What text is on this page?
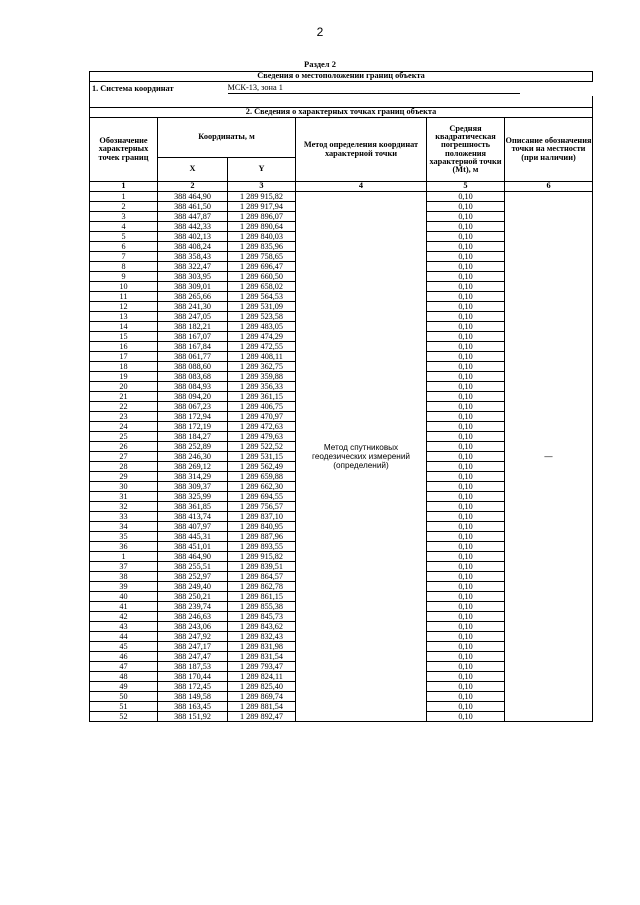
2
Раздел 2
Сведения о местоположении границ объекта					
1. Система координат		МСК-13, зона 1			

2. Сведения о характерных точках границ объекта					
Обозначение характерных точек границ	Координаты, м		Метод определения координат характерной точки	Средняя квадратическая погрешность положения характерной точки (Mt), м	Описание обозначения точки на местности (при наличии)
	X	Y			
1	2	3	4	5	6
1	388 464,90	1 289 915,82	Метод спутниковых геодезических измерений (определений)	0,10	—
2	388 461,50	1 289 917,94		0,10	
3	388 447,87	1 289 896,07		0,10	
4	388 442,33	1 289 890,64		0,10	
5	388 402,13	1 289 840,03		0,10	
6	388 408,24	1 289 835,96		0,10	
7	388 358,43	1 289 758,65		0,10	
8	388 322,47	1 289 696,47		0,10	
9	388 303,95	1 289 660,50		0,10	
10	388 309,01	1 289 658,02		0,10	
11	388 265,66	1 289 564,53		0,10	
12	388 241,30	1 289 531,09		0,10	
13	388 247,05	1 289 523,58		0,10	
14	388 182,21	1 289 483,05		0,10	
15	388 167,07	1 289 474,29		0,10	
16	388 167,84	1 289 472,55		0,10	
17	388 061,77	1 289 408,11		0,10	
18	388 088,60	1 289 362,75		0,10	
19	388 083,68	1 289 359,88		0,10	
20	388 084,93	1 289 356,33		0,10	
21	388 094,20	1 289 361,15		0,10	
22	388 067,23	1 289 406,75		0,10	
23	388 172,94	1 289 470,97		0,10	
24	388 172,19	1 289 472,63		0,10	
25	388 184,27	1 289 479,63		0,10	
26	388 252,89	1 289 522,52		0,10	
27	388 246,30	1 289 531,15		0,10	
28	388 269,12	1 289 562,49		0,10	
29	388 314,29	1 289 659,88		0,10	
30	388 309,37	1 289 662,30		0,10	
31	388 325,99	1 289 694,55		0,10	
32	388 361,85	1 289 756,57		0,10	
33	388 413,74	1 289 837,10		0,10	
34	388 407,97	1 289 840,95		0,10	
35	388 445,31	1 289 887,96		0,10	
36	388 451,01	1 289 893,55		0,10	
1	388 464,90	1 289 915,82		0,10	
37	388 255,51	1 289 839,51		0,10	
38	388 252,97	1 289 864,57		0,10	
39	388 249,40	1 289 862,78		0,10	
40	388 250,21	1 289 861,15		0,10	
41	388 239,74	1 289 855,38		0,10	
42	388 246,63	1 289 845,73		0,10	
43	388 243,06	1 289 843,62		0,10	
44	388 247,92	1 289 832,43		0,10	
45	388 247,17	1 289 831,98		0,10	
46	388 247,47	1 289 831,54		0,10	
47	388 187,53	1 289 793,47		0,10	
48	388 170,44	1 289 824,11		0,10	
49	388 172,45	1 289 825,40		0,10	
50	388 149,58	1 289 869,74		0,10	
51	388 163,45	1 289 881,54		0,10	
52	388 151,92	1 289 892,47		0,10	
